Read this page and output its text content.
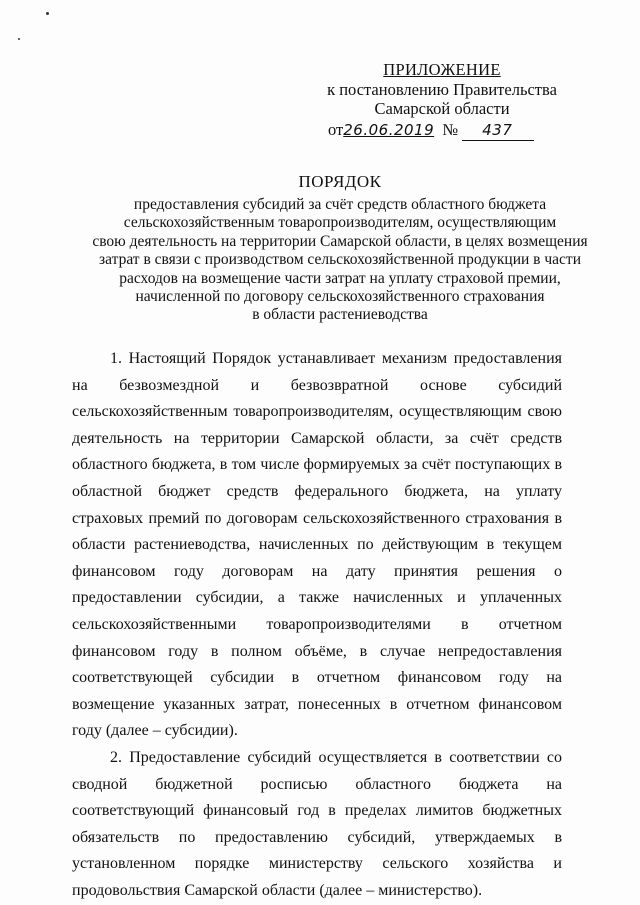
ПРИЛОЖЕНИЕ
к постановлению Правительства
Самарской области
от26.06.2019 № 437
ПОРЯДОК
предоставления субсидий за счёт средств областного бюджета
сельскохозяйственным товаропроизводителям, осуществляющим
свою деятельность на территории Самарской области, в целях возмещения
затрат в связи с производством сельскохозяйственной продукции в части
расходов на возмещение части затрат на уплату страховой премии,
начисленной по договору сельскохозяйственного страхования
в области растениеводства

1. Настоящий Порядок устанавливает механизм предоставления на безвозмездной и безвозвратной основе субсидий сельскохозяйственным товаропроизводителям, осуществляющим свою деятельность на территории Самарской области, за счёт средств областного бюджета, в том числе формируемых за счёт поступающих в областной бюджет средств федерального бюджета, на уплату страховых премий по договорам сельскохозяйственного страхования в области растениеводства, начисленных по действующим в текущем финансовом году договорам на дату принятия решения о предоставлении субсидии, а также начисленных и уплаченных сельскохозяйственными товаропроизводителями в отчетном финансовом году в полном объёме, в случае непредоставления соответствующей субсидии в отчетном финансовом году на возмещение указанных затрат, понесенных в отчетном финансовом году (далее – субсидии).

2. Предоставление субсидий осуществляется в соответствии со сводной бюджетной росписью областного бюджета на соответствующий финансовый год в пределах лимитов бюджетных обязательств по предоставлению субсидий, утверждаемых в установленном порядке министерству сельского хозяйства и продовольствия Самарской области (далее – министерство).
